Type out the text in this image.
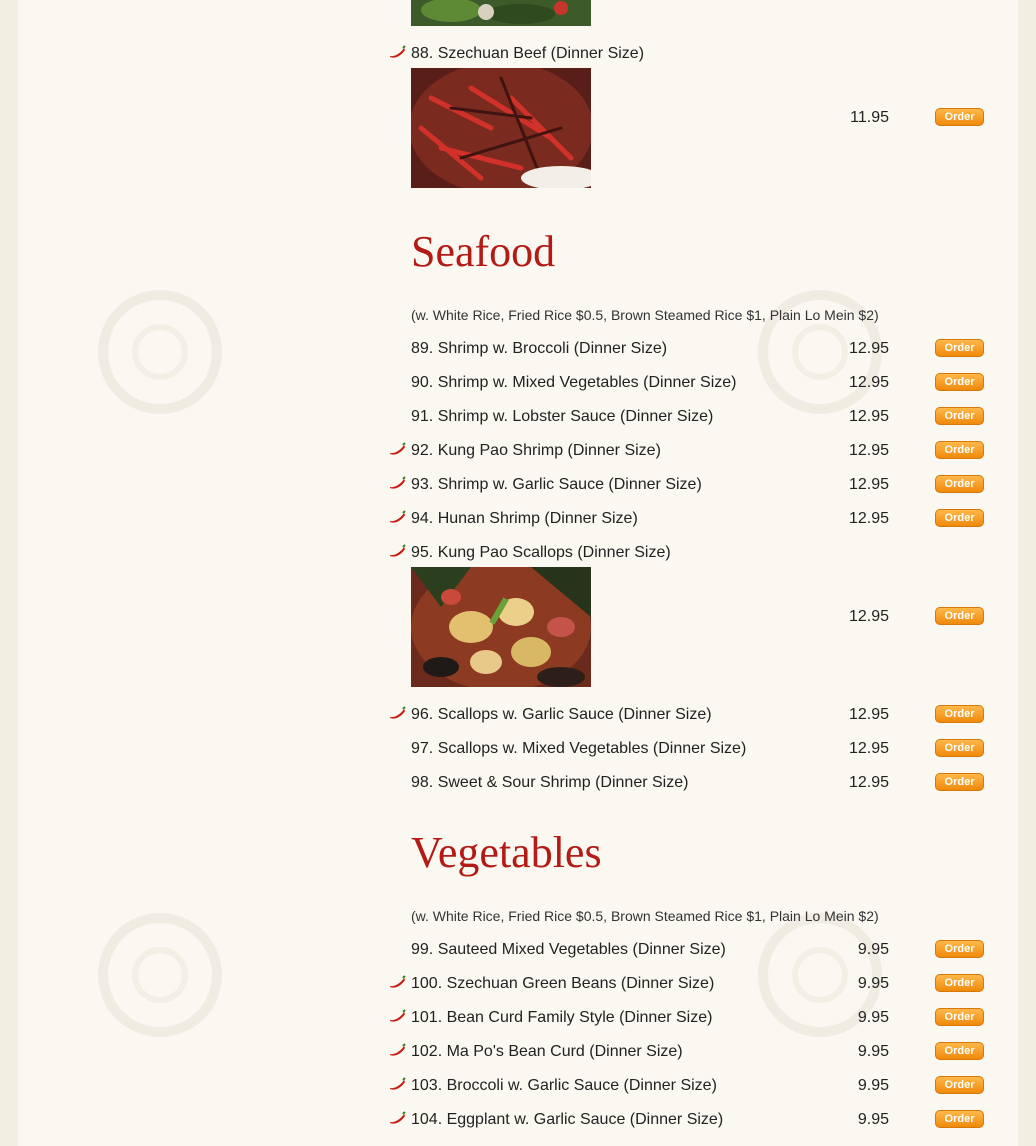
88. Szechuan Beef (Dinner Size)
11.95	Order
Seafood
(w. White Rice, Fried Rice $0.5, Brown Steamed Rice $1, Plain Lo Mein $2)
89. Shrimp w. Broccoli (Dinner Size)	12.95	Order
90. Shrimp w. Mixed Vegetables (Dinner Size)	12.95	Order
91. Shrimp w. Lobster Sauce (Dinner Size)	12.95	Order
92. Kung Pao Shrimp (Dinner Size)	12.95	Order
93. Shrimp w. Garlic Sauce (Dinner Size)	12.95	Order
94. Hunan Shrimp (Dinner Size)	12.95	Order
95. Kung Pao Scallops (Dinner Size)
12.95	Order
96. Scallops w. Garlic Sauce (Dinner Size)	12.95	Order
97. Scallops w. Mixed Vegetables (Dinner Size)	12.95	Order
98. Sweet & Sour Shrimp (Dinner Size)	12.95	Order
Vegetables
(w. White Rice, Fried Rice $0.5, Brown Steamed Rice $1, Plain Lo Mein $2)
99. Sauteed Mixed Vegetables (Dinner Size)	9.95	Order
100. Szechuan Green Beans (Dinner Size)	9.95	Order
101. Bean Curd Family Style (Dinner Size)	9.95	Order
102. Ma Po's Bean Curd (Dinner Size)	9.95	Order
103. Broccoli w. Garlic Sauce (Dinner Size)	9.95	Order
104. Eggplant w. Garlic Sauce (Dinner Size)	9.95	Order
